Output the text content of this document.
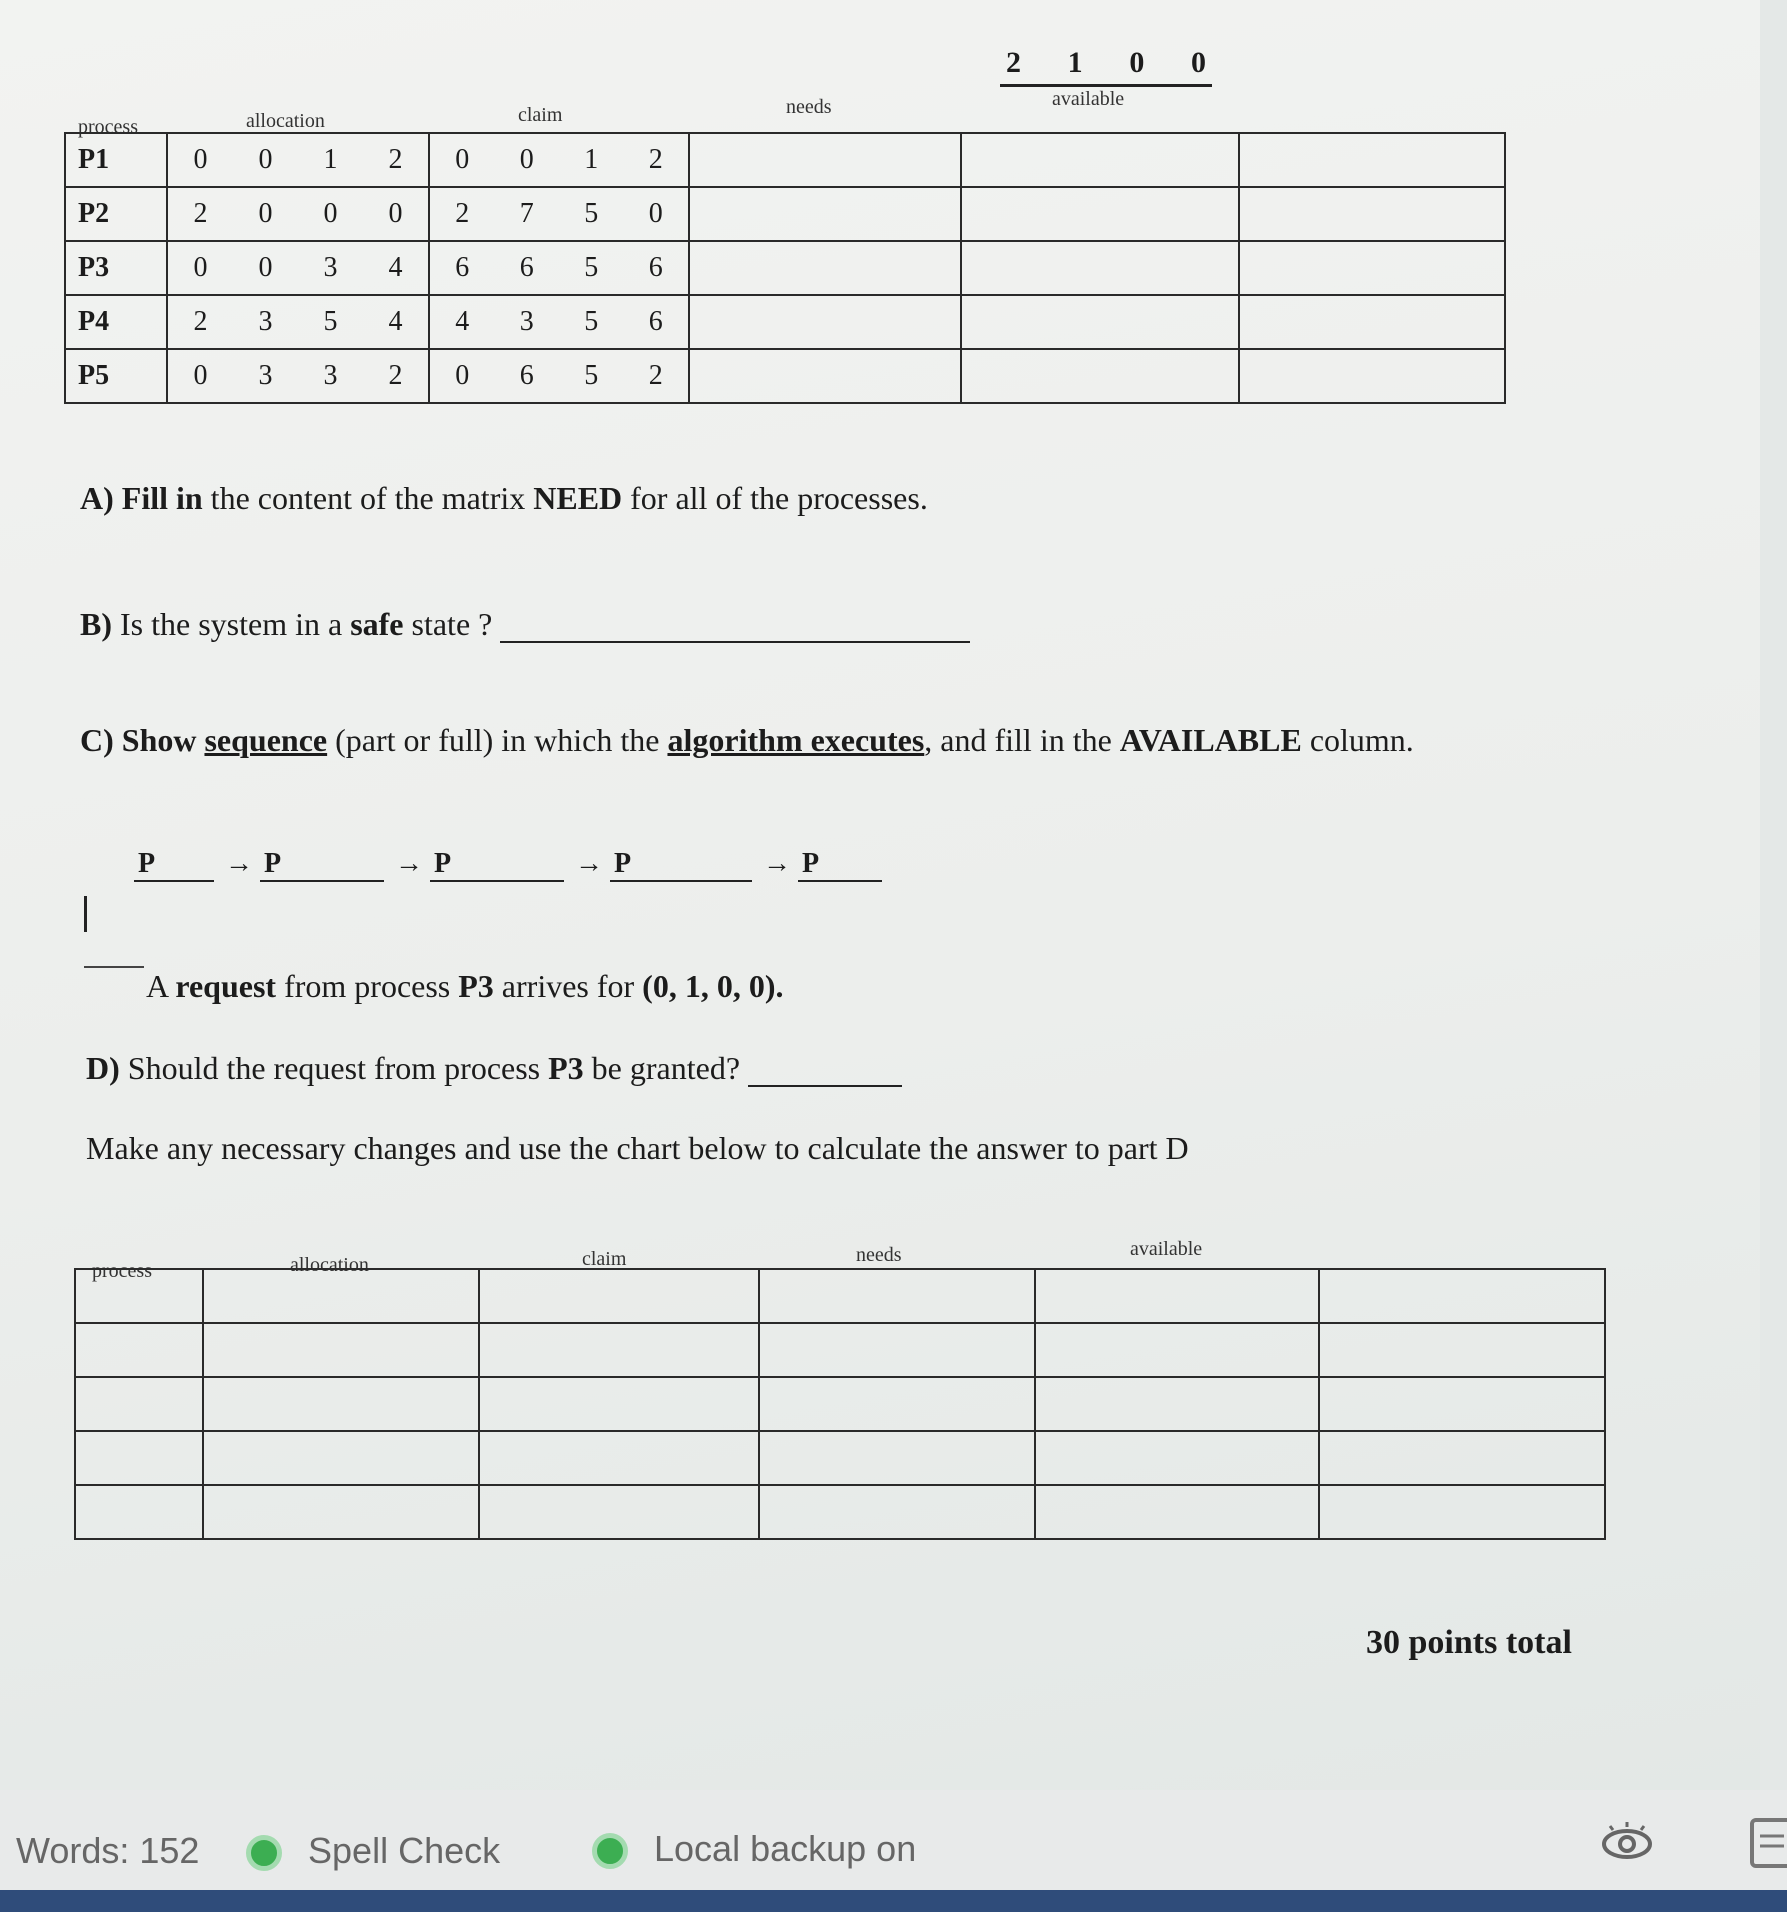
2 1 0 0
process	allocation	claim	needs	available
P1	0 0 1 2	0 0 1 2			

P2	2 0 0 0	2 7 5 0			

P3	0 0 3 4	6 6 5 6			

P4	2 3 5 4	4 3 5 6			

P5	0 3 3 2	0 6 5 2			

A) Fill in the content of the matrix NEED for all of the processes.
B) Is the system in a safe state ?
C) Show sequence (part or full) in which the algorithm executes, and fill in the AVAILABLE column.
P → P	→ P	→ P	→ P
A request from process P3 arrives for (0, 1, 0, 0).
D) Should the request from process P3 be granted?
Make any necessary changes and use the chart below to calculate the answer to part D
process	allocation	claim	needs	available

30 points total
Words: 152	Spell Check	Local backup on
